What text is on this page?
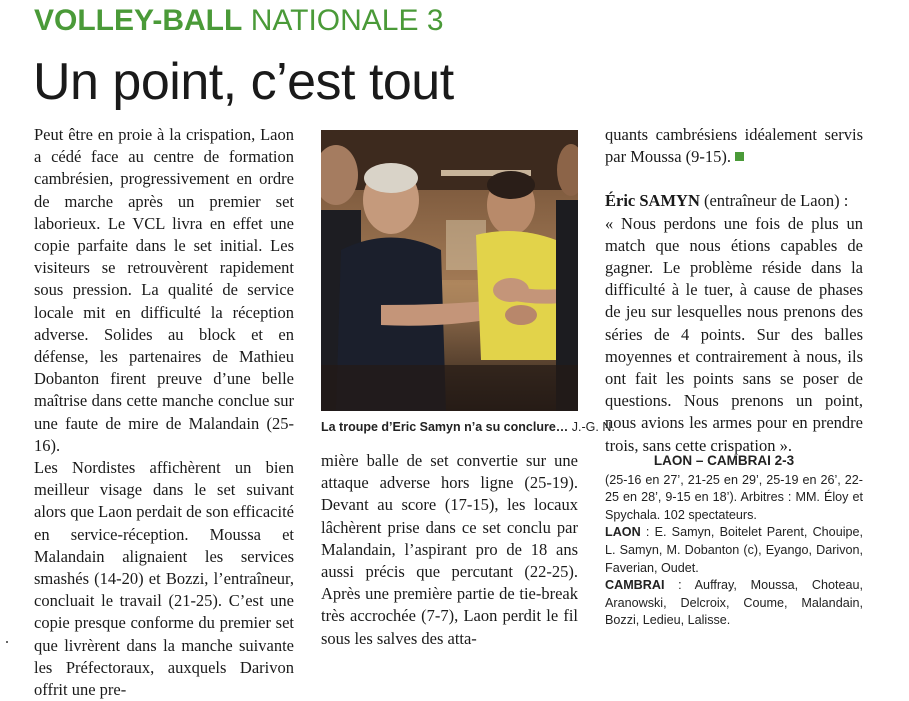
VOLLEY-BALL NATIONALE 3
Un point, c’est tout

Peut être en proie à la crispation, Laon a cédé face au centre de formation cambrésien, progressivement en ordre de marche après un premier set laborieux. Le VCL livra en effet une copie parfaite dans le set initial. Les visiteurs se retrouvèrent rapidement sous pression. La qualité de service locale mit en difficulté la réception adverse. Solides au block et en défense, les partenaires de Mathieu Dobanton firent preuve d’une belle maîtrise dans cette manche conclue sur une faute de mire de Malandain (25-16).

Les Nordistes affichèrent un bien meilleur visage dans le set suivant alors que Laon perdait de son efficacité en service-réception. Moussa et Malandain alignaient les services smashés (14-20) et Bozzi, l’entraîneur, concluait le travail (21-25). C’est une copie presque conforme du premier set que livrèrent dans la manche suivante les Préfectoraux, auxquels Darivon offrit une pre-

La troupe d’Eric Samyn n’a su conclure… J.-G. N.

mière balle de set convertie sur une attaque adverse hors ligne (25-19). Devant au score (17-15), les locaux lâchèrent prise dans ce set conclu par Malandain, l’aspirant pro de 18 ans aussi précis que percutant (22-25). Après une première partie de tie-break très accrochée (7-7), Laon perdit le fil sous les salves des atta-

quants cambrésiens idéalement servis par Moussa (9-15).

Éric SAMYN (entraîneur de Laon) :

« Nous perdons une fois de plus un match que nous étions capables de gagner. Le problème réside dans la difficulté à le tuer, à cause de phases de jeu sur lesquelles nous prenons des séries de 4 points. Sur des balles moyennes et contrairement à nous, ils ont fait les points sans se poser de questions. Nous prenons un point, nous avions les armes pour en prendre trois, sans cette crispation ».

LAON – CAMBRAI 2-3

(25-16 en 27’, 21-25 en 29’, 25-19 en 26’, 22-25 en 28’, 9-15 en 18’). Arbitres : MM. Éloy et Spychala. 102 spectateurs.

LAON : E. Samyn, Boitelet Parent, Chouipe, L. Samyn, M. Dobanton (c), Eyango, Darivon, Faverian, Oudet.

CAMBRAI : Auffray, Moussa, Choteau, Aranowski, Delcroix, Coume, Malandain, Bozzi, Ledieu, Lalisse.
